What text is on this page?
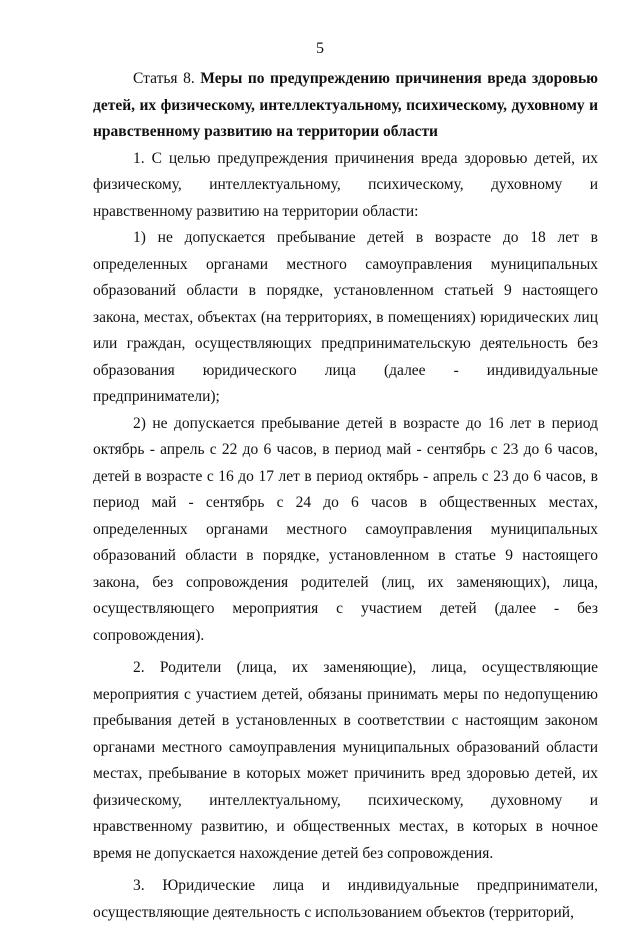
5

Статья 8. Меры по предупреждению причинения вреда здоровью детей, их физическому, интеллектуальному, психическому, духовному и нравственному развитию на территории области

1. С целью предупреждения причинения вреда здоровью детей, их физическому, интеллектуальному, психическому, духовному и нравственному развитию на территории области:

1) не допускается пребывание детей в возрасте до 18 лет в определенных органами местного самоуправления муниципальных образований области в порядке, установленном статьей 9 настоящего закона, местах, объектах (на территориях, в помещениях) юридических лиц или граждан, осуществляющих предпринимательскую деятельность без образования юридического лица (далее - индивидуальные предприниматели);

2) не допускается пребывание детей в возрасте до 16 лет в период октябрь - апрель с 22 до 6 часов, в период май - сентябрь с 23 до 6 часов, детей в возрасте с 16 до 17 лет в период октябрь - апрель с 23 до 6 часов, в период май - сентябрь с 24 до 6 часов в общественных местах, определенных органами местного самоуправления муниципальных образований области в порядке, установленном в статье 9 настоящего закона, без сопровождения родителей (лиц, их заменяющих), лица, осуществляющего мероприятия с участием детей (далее - без сопровождения).

2. Родители (лица, их заменяющие), лица, осуществляющие мероприятия с участием детей, обязаны принимать меры по недопущению пребывания детей в установленных в соответствии с настоящим законом органами местного самоуправления муниципальных образований области местах, пребывание в которых может причинить вред здоровью детей, их физическому, интеллектуальному, психическому, духовному и нравственному развитию, и общественных местах, в которых в ночное время не допускается нахождение детей без сопровождения.

3. Юридические лица и индивидуальные предприниматели, осуществляющие деятельность с использованием объектов (территорий,
